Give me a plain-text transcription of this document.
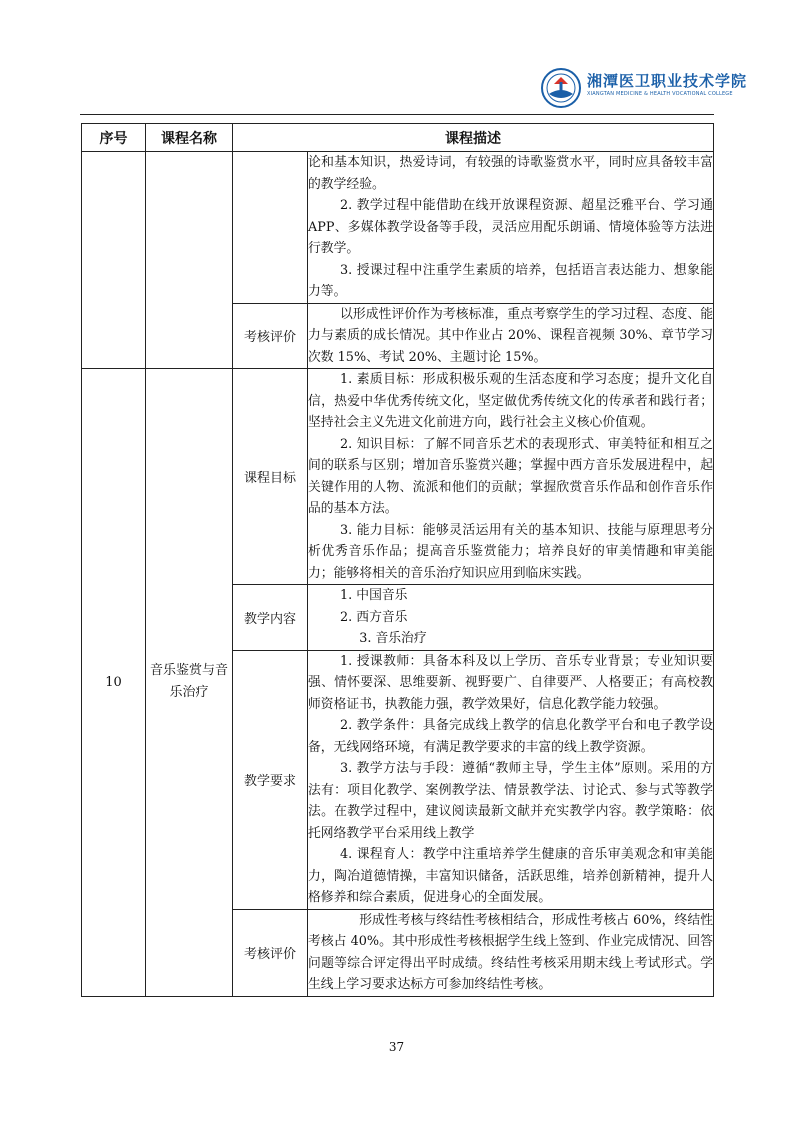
湘潭医卫职业技术学院
XIANGTAN MEDICINE & HEALTH VOCATIONAL COLLEGE
序号	课程名称	课程描述	

			论和基本知识，热爱诗词，有较强的诗歌鉴赏水平，同时应具备较丰富的教学经验。

2. 教学过程中能借助在线开放课程资源、超星泛雅平台、学习通 APP、多媒体教学设备等手段，灵活应用配乐朗诵、情境体验等方法进行教学。

3. 授课过程中注重学生素质的培养，包括语言表达能力、想象能力等。

		考核评价	以形成性评价作为考核标准，重点考察学生的学习过程、态度、能力与素质的成长情况。其中作业占 20%、课程音视频 30%、章节学习次数 15%、考试 20%、主题讨论 15%。

10	音乐鉴赏与音乐治疗	课程目标	1. 素质目标：形成积极乐观的生活态度和学习态度；提升文化自信，热爱中华优秀传统文化，坚定做优秀传统文化的传承者和践行者；坚持社会主义先进文化前进方向，践行社会主义核心价值观。

2. 知识目标：了解不同音乐艺术的表现形式、审美特征和相互之间的联系与区别；增加音乐鉴赏兴趣；掌握中西方音乐发展进程中，起关键作用的人物、流派和他们的贡献；掌握欣赏音乐作品和创作音乐作品的基本方法。

3. 能力目标：能够灵活运用有关的基本知识、技能与原理思考分析优秀音乐作品；提高音乐鉴赏能力；培养良好的审美情趣和审美能力；能够将相关的音乐治疗知识应用到临床实践。

		教学内容	1. 中国音乐

2. 西方音乐

3. 音乐治疗

		教学要求	1. 授课教师：具备本科及以上学历、音乐专业背景；专业知识要强、情怀要深、思维要新、视野要广、自律要严、人格要正；有高校教师资格证书，执教能力强，教学效果好，信息化教学能力较强。

2. 教学条件：具备完成线上教学的信息化教学平台和电子教学设备，无线网络环境，有满足教学要求的丰富的线上教学资源。

3. 教学方法与手段：遵循“教师主导，学生主体”原则。采用的方法有：项目化教学、案例教学法、情景教学法、讨论式、参与式等教学法。在教学过程中，建议阅读最新文献并充实教学内容。教学策略：依托网络教学平台采用线上教学

4. 课程育人：教学中注重培养学生健康的音乐审美观念和审美能力，陶冶道德情操，丰富知识储备，活跃思维，培养创新精神，提升人格修养和综合素质，促进身心的全面发展。

		考核评价	形成性考核与终结性考核相结合，形成性考核占 60%，终结性考核占 40%。其中形成性考核根据学生线上签到、作业完成情况、回答问题等综合评定得出平时成绩。终结性考核采用期末线上考试形式。学生线上学习要求达标方可参加终结性考核。

37
